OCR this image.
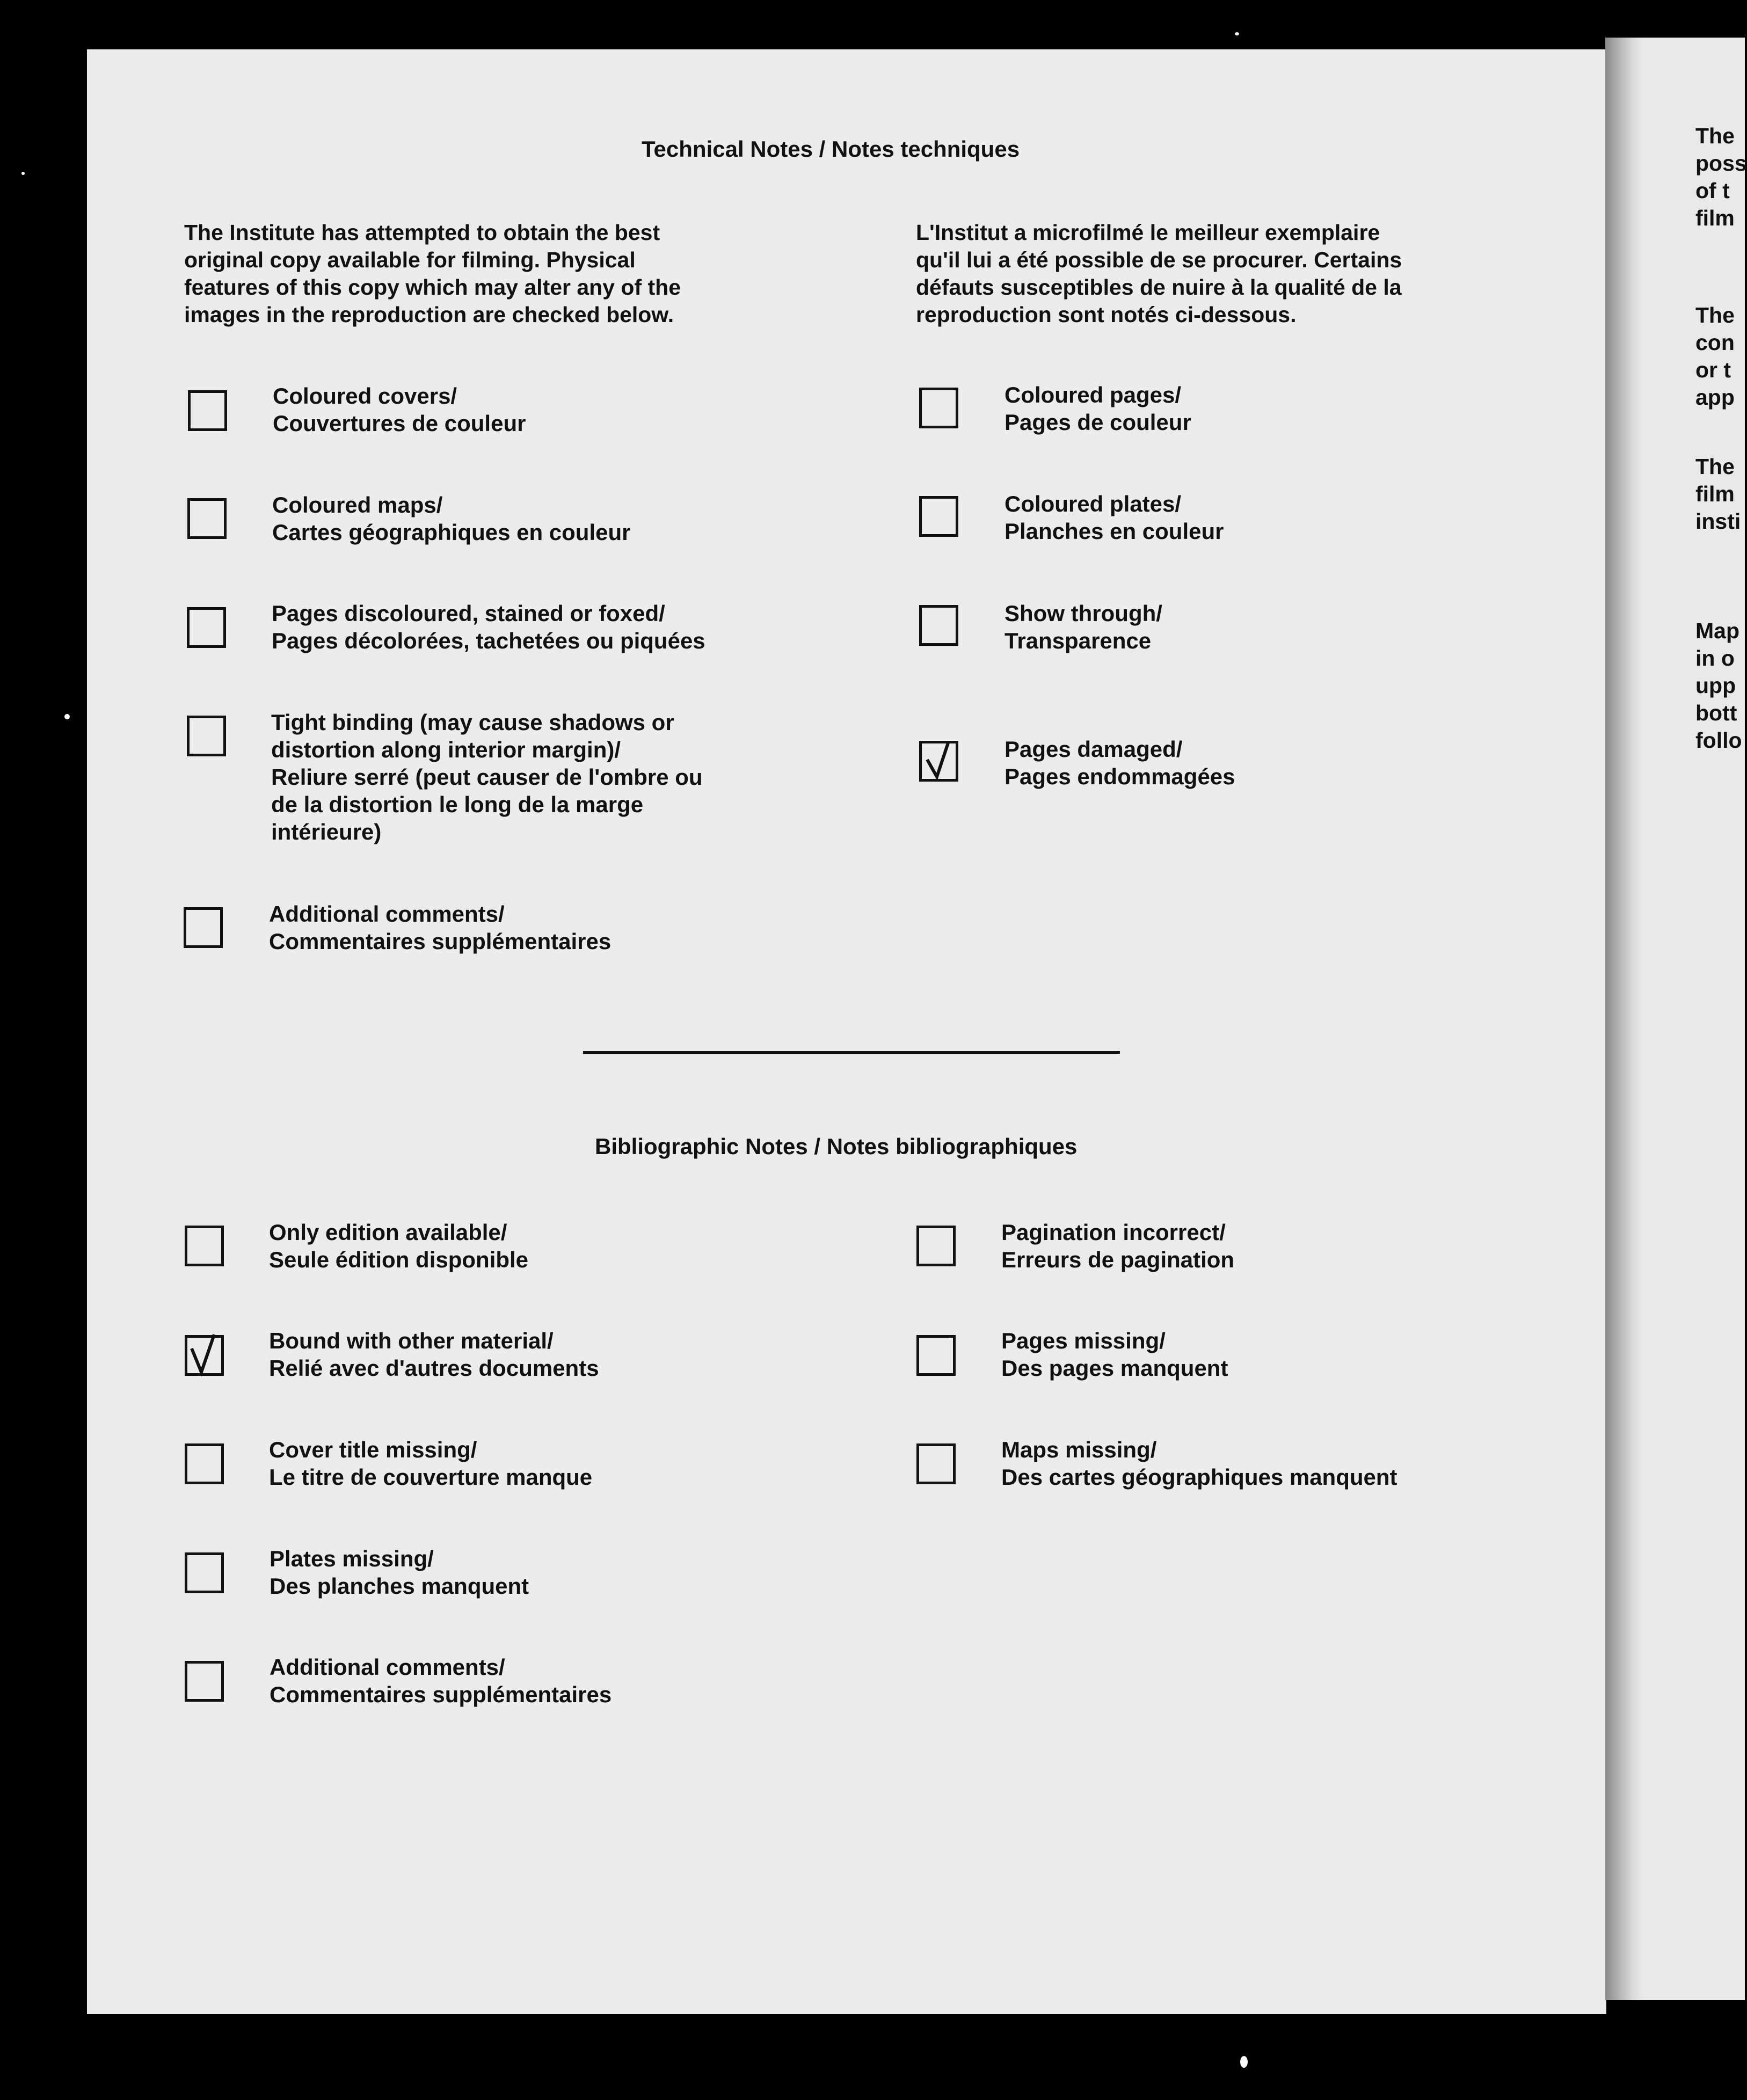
Technical Notes / Notes techniques
The Institute has attempted to obtain the best
original copy available for filming. Physical
features of this copy which may alter any of the
images in the reproduction are checked below.
L'Institut a microfilmé le meilleur exemplaire
qu'il lui a été possible de se procurer. Certains
défauts susceptibles de nuire à la qualité de la
reproduction sont notés ci-dessous.
Coloured covers/
Couvertures de couleur
Coloured pages/
Pages de couleur
Coloured maps/
Cartes géographiques en couleur
Coloured plates/
Planches en couleur
Pages discoloured, stained or foxed/
Pages décolorées, tachetées ou piquées
Show through/
Transparence
Tight binding (may cause shadows or
distortion along interior margin)/
Reliure serré (peut causer de l'ombre ou
de la distortion le long de la marge
intérieure)
Pages damaged/
Pages endommagées
Additional comments/
Commentaires supplémentaires
Bibliographic Notes / Notes bibliographiques
Only edition available/
Seule édition disponible
Pagination incorrect/
Erreurs de pagination
Bound with other material/
Relié avec d'autres documents
Pages missing/
Des pages manquent
Cover title missing/
Le titre de couverture manque
Maps missing/
Des cartes géographiques manquent
Plates missing/
Des planches manquent
Additional comments/
Commentaires supplémentaires
The
poss
of t
film
The
con
or t
app
The
film
insti
Map
in o
upp
bott
follo
